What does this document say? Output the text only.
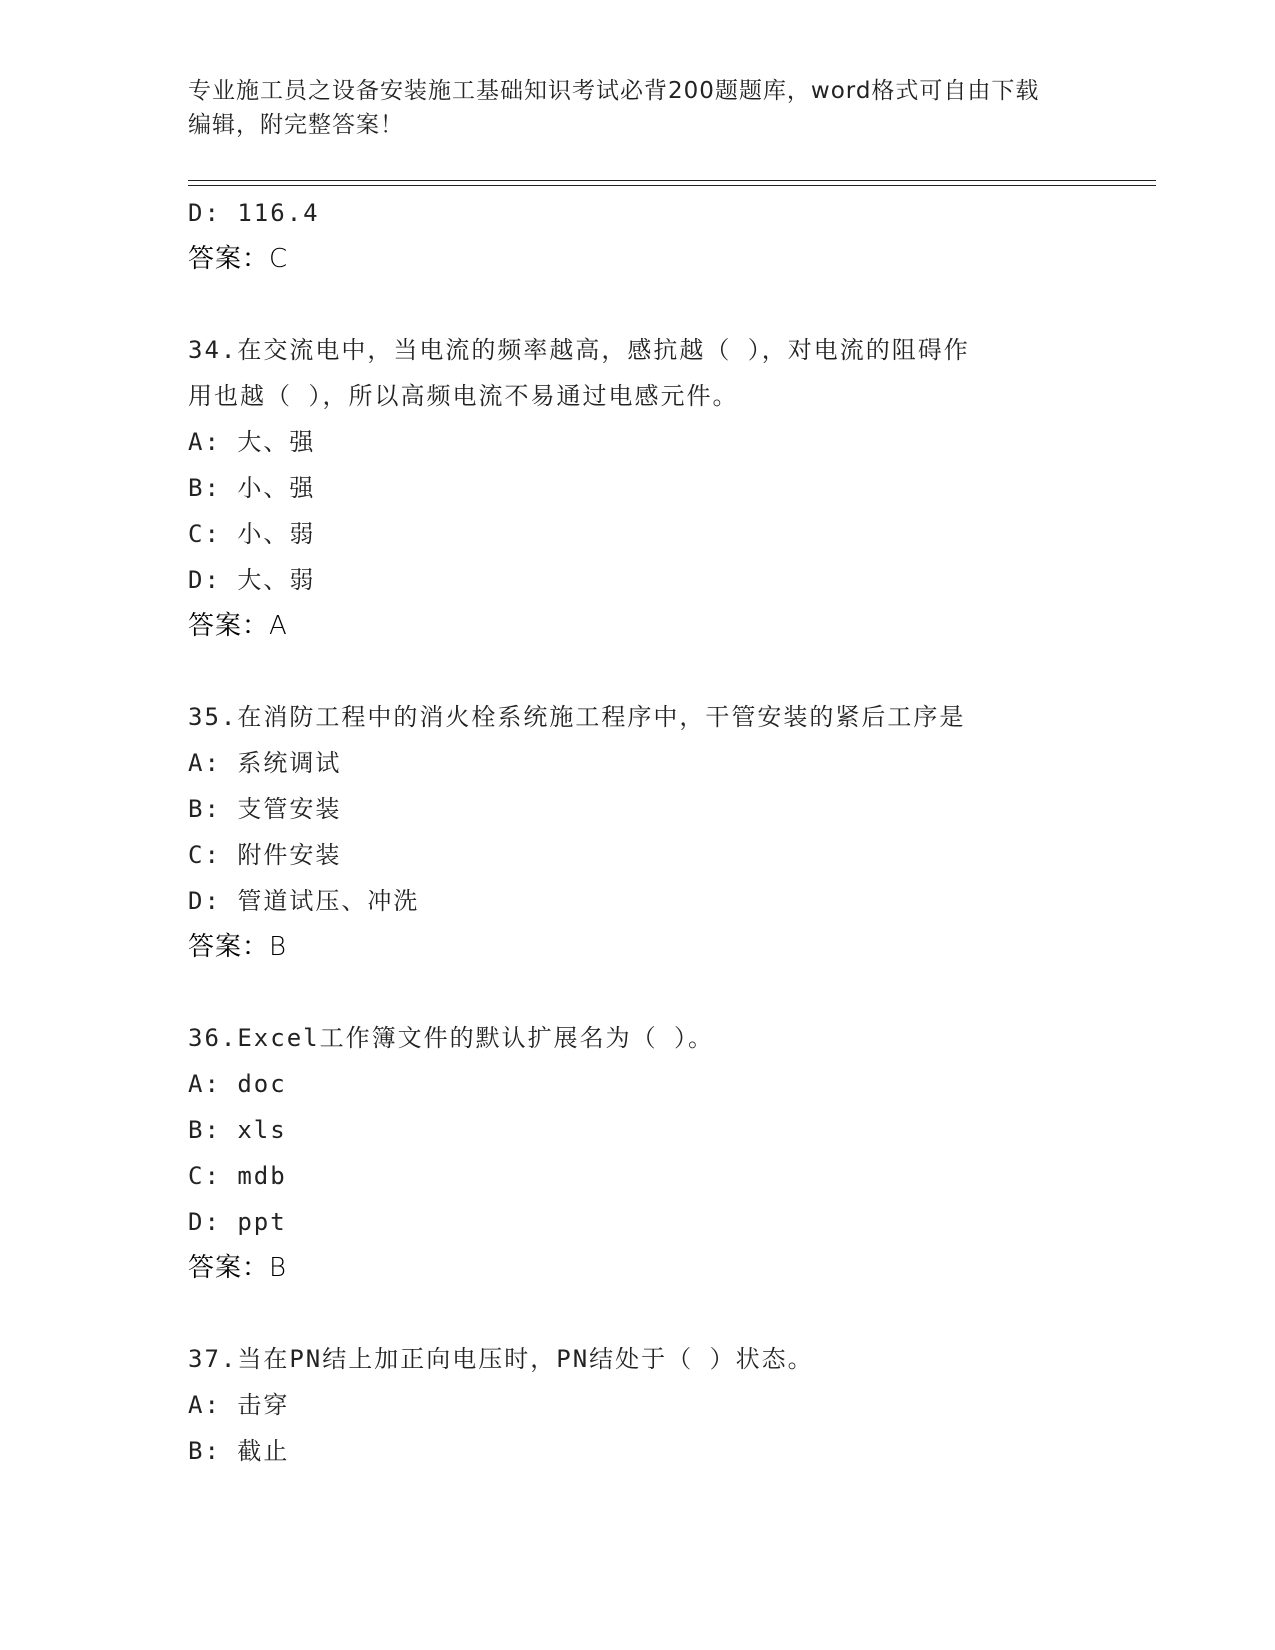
专业施工员之设备安装施工基础知识考试必背200题题库，word格式可自由下载
编辑，附完整答案！
D: 116.4
答案：C
34.在交流电中，当电流的频率越高，感抗越（ ），对电流的阻碍作
用也越（ ），所以高频电流不易通过电感元件。
A: 大、强
B: 小、强
C: 小、弱
D: 大、弱
答案：A
35.在消防工程中的消火栓系统施工程序中，干管安装的紧后工序是
A: 系统调试
B: 支管安装
C: 附件安装
D: 管道试压、冲洗
答案：B
36.Excel工作簿文件的默认扩展名为（ ）。
A: doc
B: xls
C: mdb
D: ppt
答案：B
37.当在PN结上加正向电压时，PN结处于（ ）状态。
A: 击穿
B: 截止
